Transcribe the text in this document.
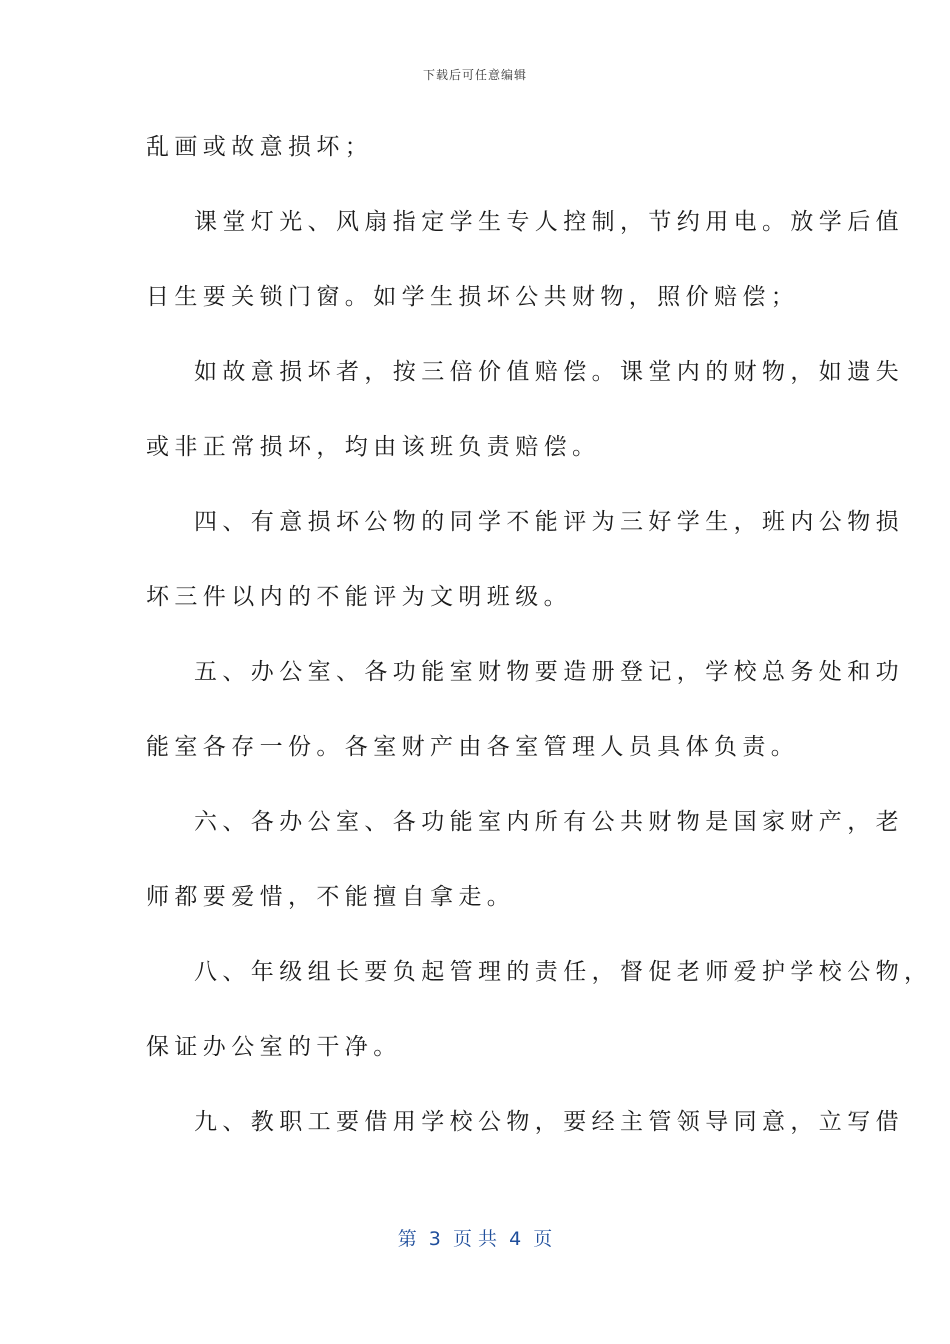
下载后可任意编辑
乱画或故意损坏；
课堂灯光、风扇指定学生专人控制，节约用电。放学后值
日生要关锁门窗。如学生损坏公共财物，照价赔偿；
如故意损坏者，按三倍价值赔偿。课堂内的财物，如遗失
或非正常损坏，均由该班负责赔偿。
四、有意损坏公物的同学不能评为三好学生，班内公物损
坏三件以内的不能评为文明班级。
五、办公室、各功能室财物要造册登记，学校总务处和功
能室各存一份。各室财产由各室管理人员具体负责。
六、各办公室、各功能室内所有公共财物是国家财产，老
师都要爱惜，不能擅自拿走。
八、年级组长要负起管理的责任，督促老师爱护学校公物，
保证办公室的干净。
九、教职工要借用学校公物，要经主管领导同意，立写借
第  3  页 共  4  页
